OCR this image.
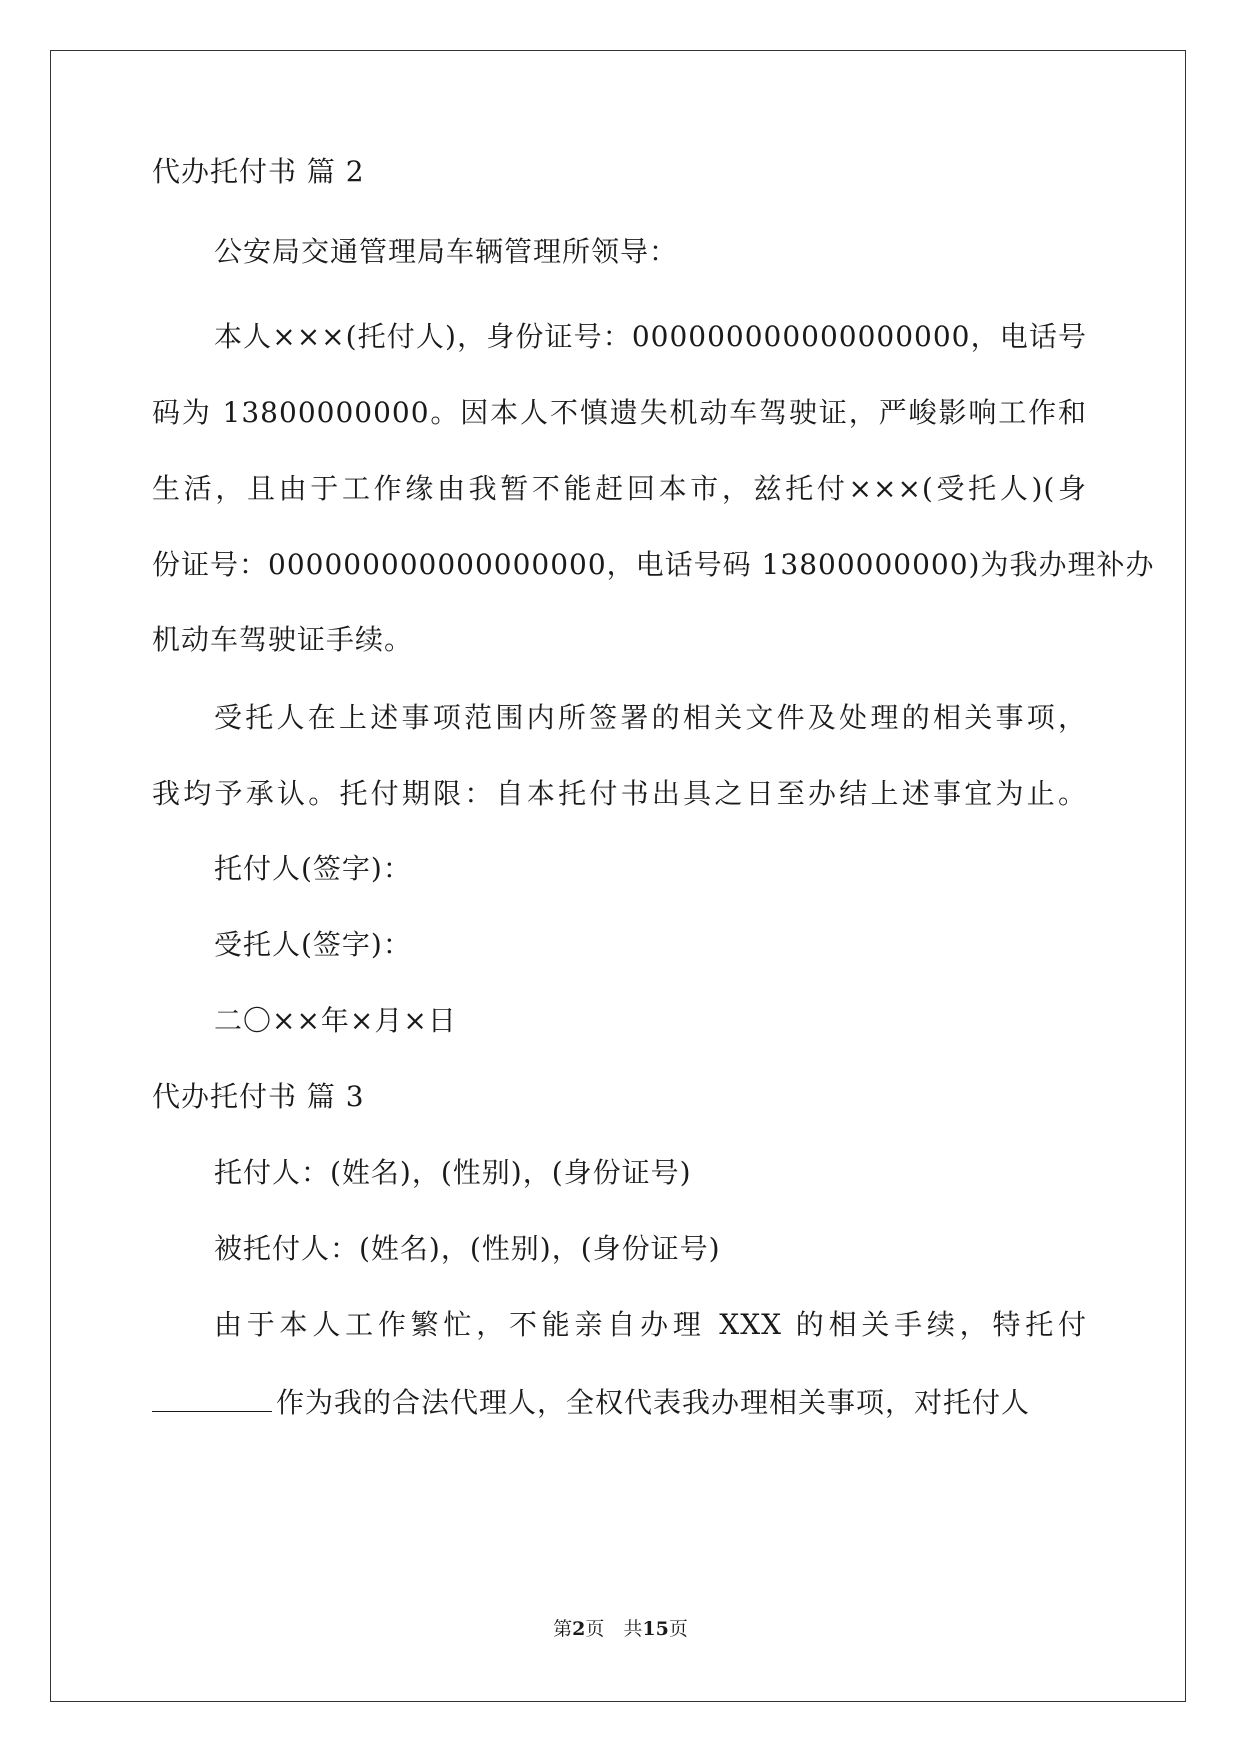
代办托付书 篇 2
公安局交通管理局车辆管理所领导：
本人×××(托付人)，身份证号：000000000000000000，电话号
码为 13800000000。因本人不慎遗失机动车驾驶证，严峻影响工作和
生活，且由于工作缘由我暂不能赶回本市，兹托付×××(受托人)(身
份证号：000000000000000000，电话号码 13800000000)为我办理补办
机动车驾驶证手续。
受托人在上述事项范围内所签署的相关文件及处理的相关事项，
我均予承认。托付期限：自本托付书出具之日至办结上述事宜为止。
托付人(签字)：
受托人(签字)：
二〇××年×月×日
代办托付书 篇 3
托付人：(姓名)，(性别)，(身份证号)
被托付人：(姓名)，(性别)，(身份证号)
由于本人工作繁忙，不能亲自办理 XXX 的相关手续，特托付
作为我的合法代理人，全权代表我办理相关事项，对托付人
第2页　共15页
